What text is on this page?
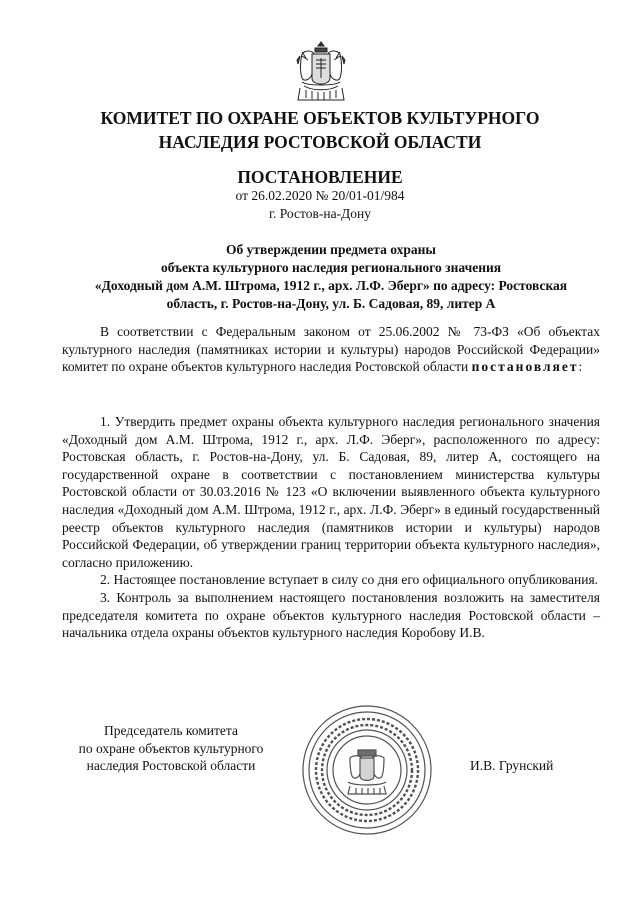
КОМИТЕТ ПО ОХРАНЕ ОБЪЕКТОВ КУЛЬТУРНОГО
НАСЛЕДИЯ РОСТОВСКОЙ ОБЛАСТИ
ПОСТАНОВЛЕНИЕ
от 26.02.2020 № 20/01-01/984
г. Ростов-на-Дону
Об утверждении предмета охраны
объекта культурного наследия регионального значения
«Доходный дом А.М. Штрома, 1912 г., арх. Л.Ф. Эберг» по адресу: Ростовская
область, г. Ростов-на-Дону, ул. Б. Садовая, 89, литер А

В соответствии с Федеральным законом от 25.06.2002 № 73-ФЗ «Об объектах культурного наследия (памятниках истории и культуры) народов Российской Федерации» комитет по охране объектов культурного наследия Ростовской области постановляет:

1. Утвердить предмет охраны объекта культурного наследия регионального значения «Доходный дом А.М. Штрома, 1912 г., арх. Л.Ф. Эберг», расположенного по адресу: Ростовская область, г. Ростов-на-Дону, ул. Б. Садовая, 89, литер А, состоящего на государственной охране в соответствии с постановлением министерства культуры Ростовской области от 30.03.2016 № 123 «О включении выявленного объекта культурного наследия «Доходный дом А.М. Штрома, 1912 г., арх. Л.Ф. Эберг» в единый государственный реестр объектов культурного наследия (памятников истории и культуры) народов Российской Федерации, об утверждении границ территории объекта культурного наследия», согласно приложению.

2. Настоящее постановление вступает в силу со дня его официального опубликования.

3. Контроль за выполнением настоящего постановления возложить на заместителя председателя комитета по охране объектов культурного наследия Ростовской области – начальника отдела охраны объектов культурного наследия Коробову И.В.

Председатель комитета
по охране объектов культурного
наследия Ростовской области	И.В. Грунский
